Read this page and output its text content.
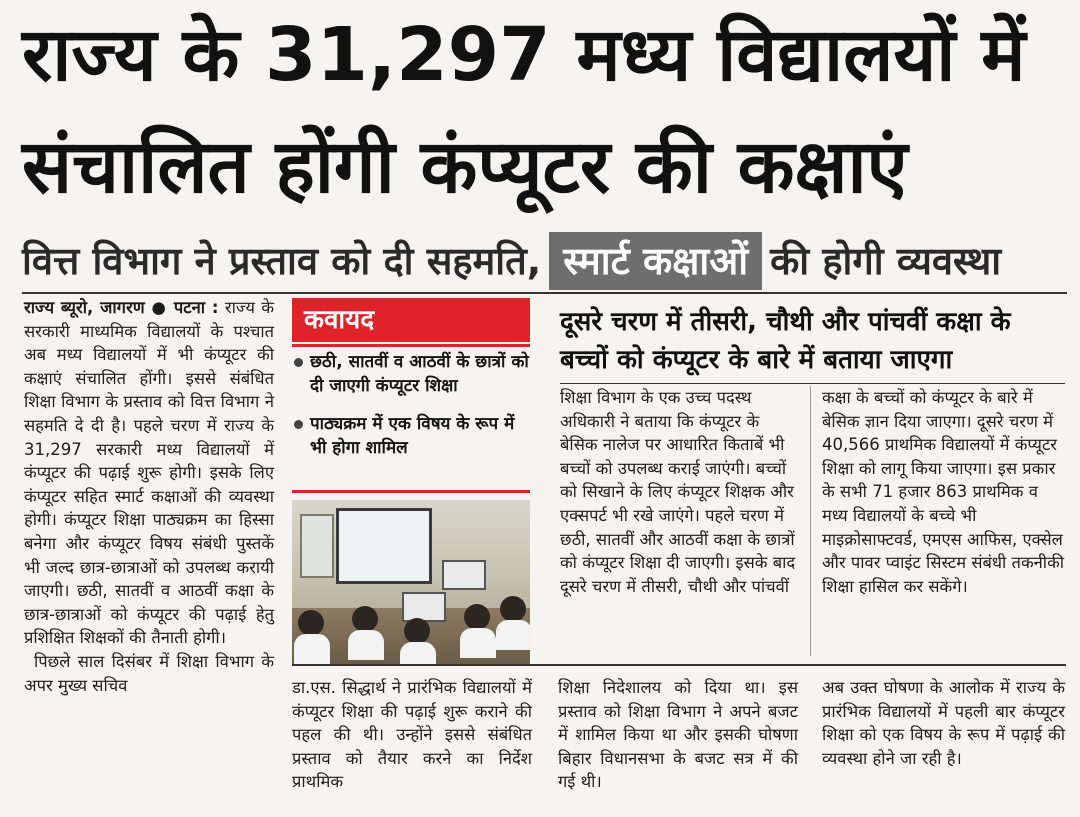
राज्य के 31,297 मध्य विद्यालयों में
संचालित होंगी कंप्यूटर की कक्षाएं
वित्त विभाग ने प्रस्ताव को दी सहमति, स्मार्ट कक्षाओं की होगी व्यवस्था
राज्य ब्यूरो, जागरण ● पटना : राज्य के सरकारी माध्यमिक विद्यालयों के पश्चात अब मध्य विद्यालयों में भी कंप्यूटर की कक्षाएं संचालित होंगी। इससे संबंधित शिक्षा विभाग के प्रस्ताव को वित्त विभाग ने सहमति दे दी है। पहले चरण में राज्य के 31,297 सरकारी मध्य विद्यालयों में कंप्यूटर की पढ़ाई शुरू होगी। इसके लिए कंप्यूटर सहित स्मार्ट कक्षाओं की व्यवस्था होगी। कंप्यूटर शिक्षा पाठ्यक्रम का हिस्सा बनेगा और कंप्यूटर विषय संबंधी पुस्तकें भी जल्द छात्र-छात्राओं को उपलब्ध करायी जाएगी। छठी, सातवीं व आठवीं कक्षा के छात्र-छात्राओं को कंप्यूटर की पढ़ाई हेतु प्रशिक्षित शिक्षकों की तैनाती होगी।
पिछले साल दिसंबर में शिक्षा विभाग के अपर मुख्य सचिव
कवायद
छठी, सातवीं व आठवीं के छात्रों को दी जाएगी कंप्यूटर शिक्षा
पाठ्यक्रम में एक विषय के रूप में भी होगा शामिल
दूसरे चरण में तीसरी, चौथी और पांचवीं कक्षा के बच्चों को कंप्यूटर के बारे में बताया जाएगा
शिक्षा विभाग के एक उच्च पदस्थ अधिकारी ने बताया कि कंप्यूटर के बेसिक नालेज पर आधारित किताबें भी बच्चों को उपलब्ध कराई जाएंगी। बच्चों को सिखाने के लिए कंप्यूटर शिक्षक और एक्सपर्ट भी रखे जाएंगे। पहले चरण में छठी, सातवीं और आठवीं कक्षा के छात्रों को कंप्यूटर शिक्षा दी जाएगी। इसके बाद दूसरे चरण में तीसरी, चौथी और पांचवीं
कक्षा के बच्चों को कंप्यूटर के बारे में बेसिक ज्ञान दिया जाएगा। दूसरे चरण में 40,566 प्राथमिक विद्यालयों में कंप्यूटर शिक्षा को लागू किया जाएगा। इस प्रकार के सभी 71 हजार 863 प्राथमिक व मध्य विद्यालयों के बच्चे भी माइक्रोसाफ्टवर्ड, एमएस आफिस, एक्सेल और पावर प्वाइंट सिस्टम संबंधी तकनीकी शिक्षा हासिल कर सकेंगे।
डा.एस. सिद्धार्थ ने प्रारंभिक विद्यालयों में कंप्यूटर शिक्षा की पढ़ाई शुरू कराने की पहल की थी। उन्होंने इससे संबंधित प्रस्ताव को तैयार करने का निर्देश प्राथमिक
शिक्षा निदेशालय को दिया था। इस प्रस्ताव को शिक्षा विभाग ने अपने बजट में शामिल किया था और इसकी घोषणा बिहार विधानसभा के बजट सत्र में की गई थी।
अब उक्त घोषणा के आलोक में राज्य के प्रारंभिक विद्यालयों में पहली बार कंप्यूटर शिक्षा को एक विषय के रूप में पढ़ाई की व्यवस्था होने जा रही है।
